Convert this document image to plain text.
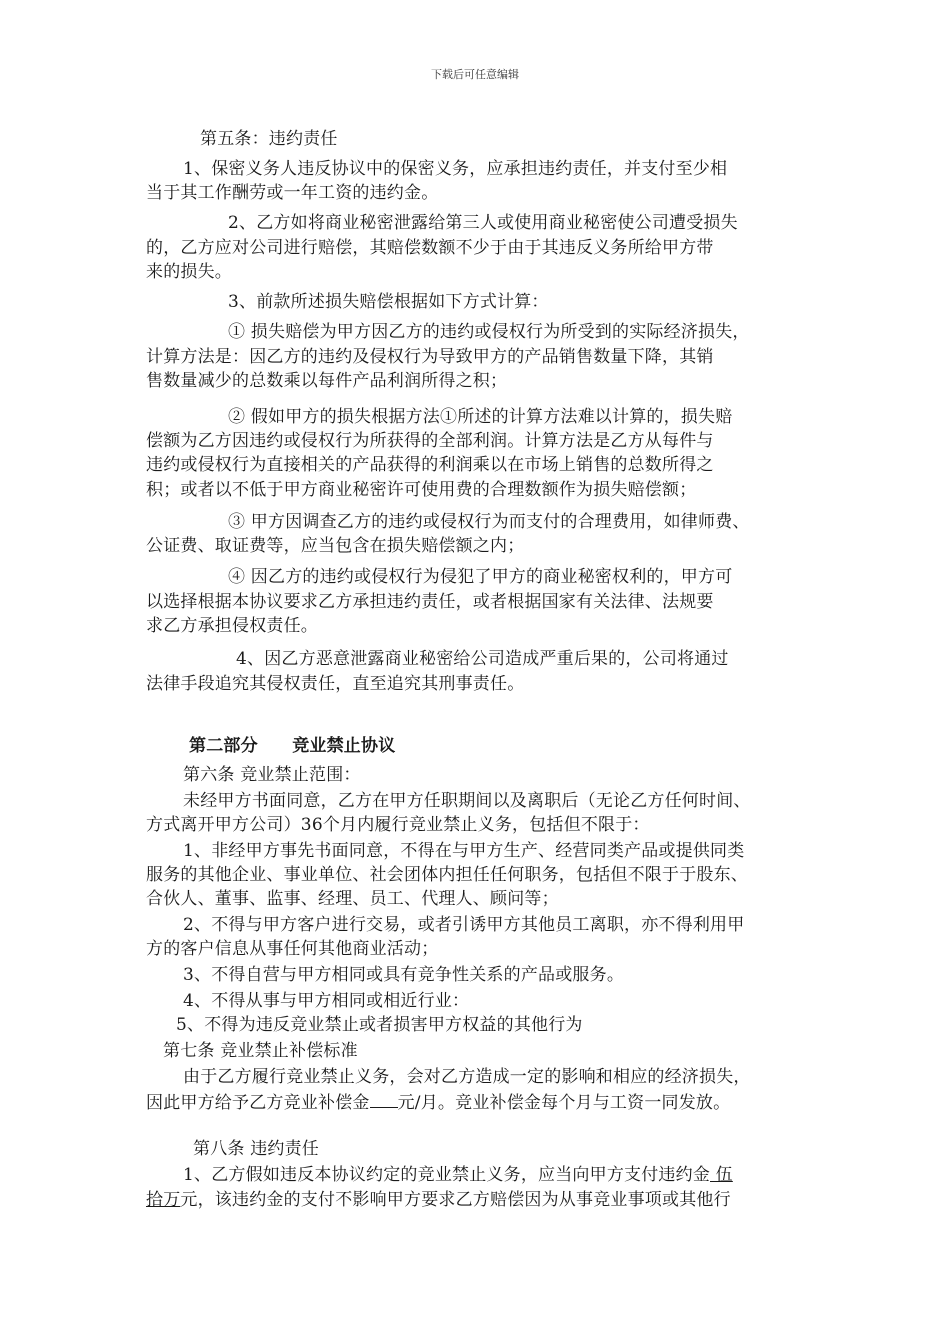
下载后可任意编辑
第五条：违约责任
1、保密义务人违反协议中的保密义务，应承担违约责任，并支付至少相
当于其工作酬劳或一年工资的违约金。
2、乙方如将商业秘密泄露给第三人或使用商业秘密使公司遭受损失
的，乙方应对公司进行赔偿，其赔偿数额不少于由于其违反义务所给甲方带
来的损失。
3、前款所述损失赔偿根据如下方式计算：
① 损失赔偿为甲方因乙方的违约或侵权行为所受到的实际经济损失，
计算方法是：因乙方的违约及侵权行为导致甲方的产品销售数量下降，其销
售数量减少的总数乘以每件产品利润所得之积；
② 假如甲方的损失根据方法①所述的计算方法难以计算的，损失赔
偿额为乙方因违约或侵权行为所获得的全部利润。计算方法是乙方从每件与
违约或侵权行为直接相关的产品获得的利润乘以在市场上销售的总数所得之
积；或者以不低于甲方商业秘密许可使用费的合理数额作为损失赔偿额；
③ 甲方因调查乙方的违约或侵权行为而支付的合理费用，如律师费、
公证费、取证费等，应当包含在损失赔偿额之内；
④ 因乙方的违约或侵权行为侵犯了甲方的商业秘密权利的，甲方可
以选择根据本协议要求乙方承担违约责任，或者根据国家有关法律、法规要
求乙方承担侵权责任。
4、因乙方恶意泄露商业秘密给公司造成严重后果的，公司将通过
法律手段追究其侵权责任，直至追究其刑事责任。
第二部分　　竞业禁止协议
第六条 竞业禁止范围：
未经甲方书面同意，乙方在甲方任职期间以及离职后（无论乙方任何时间、
方式离开甲方公司）36个月内履行竞业禁止义务，包括但不限于：
1、非经甲方事先书面同意，不得在与甲方生产、经营同类产品或提供同类
服务的其他企业、事业单位、社会团体内担任任何职务，包括但不限于于股东、
合伙人、董事、监事、经理、员工、代理人、顾问等；
2、不得与甲方客户进行交易，或者引诱甲方其他员工离职，亦不得利用甲
方的客户信息从事任何其他商业活动；
3、不得自营与甲方相同或具有竞争性关系的产品或服务。
4、不得从事与甲方相同或相近行业：
5、不得为违反竞业禁止或者损害甲方权益的其他行为
第七条 竞业禁止补偿标准
由于乙方履行竞业禁止义务，会对乙方造成一定的影响和相应的经济损失，
因此甲方给予乙方竞业补偿金 元/月。竞业补偿金每个月与工资一同发放。
第八条 违约责任
1、乙方假如违反本协议约定的竞业禁止义务，应当向甲方支付违约金 伍
拾万元，该违约金的支付不影响甲方要求乙方赔偿因为从事竞业事项或其他行
